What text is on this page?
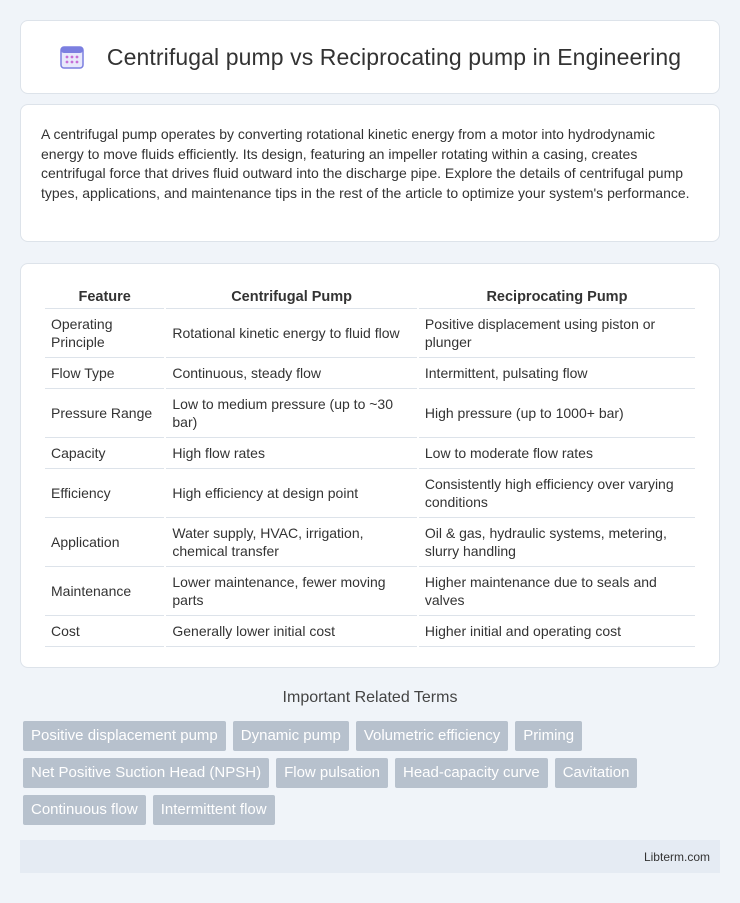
Centrifugal pump vs Reciprocating pump in Engineering

A centrifugal pump operates by converting rotational kinetic energy from a motor into hydrodynamic energy to move fluids efficiently. Its design, featuring an impeller rotating within a casing, creates centrifugal force that drives fluid outward into the discharge pipe. Explore the details of centrifugal pump types, applications, and maintenance tips in the rest of the article to optimize your system's performance.

Feature	Centrifugal Pump	Reciprocating Pump
Operating Principle	Rotational kinetic energy to fluid flow	Positive displacement using piston or plunger
Flow Type	Continuous, steady flow	Intermittent, pulsating flow
Pressure Range	Low to medium pressure (up to ~30 bar)	High pressure (up to 1000+ bar)
Capacity	High flow rates	Low to moderate flow rates
Efficiency	High efficiency at design point	Consistently high efficiency over varying conditions
Application	Water supply, HVAC, irrigation, chemical transfer	Oil & gas, hydraulic systems, metering, slurry handling
Maintenance	Lower maintenance, fewer moving parts	Higher maintenance due to seals and valves
Cost	Generally lower initial cost	Higher initial and operating cost
Important Related Terms
Positive displacement pump	Dynamic pump	Volumetric efficiency	Priming
Net Positive Suction Head (NPSH)	Flow pulsation	Head-capacity curve	Cavitation
Continuous flow	Intermittent flow
Libterm.com
